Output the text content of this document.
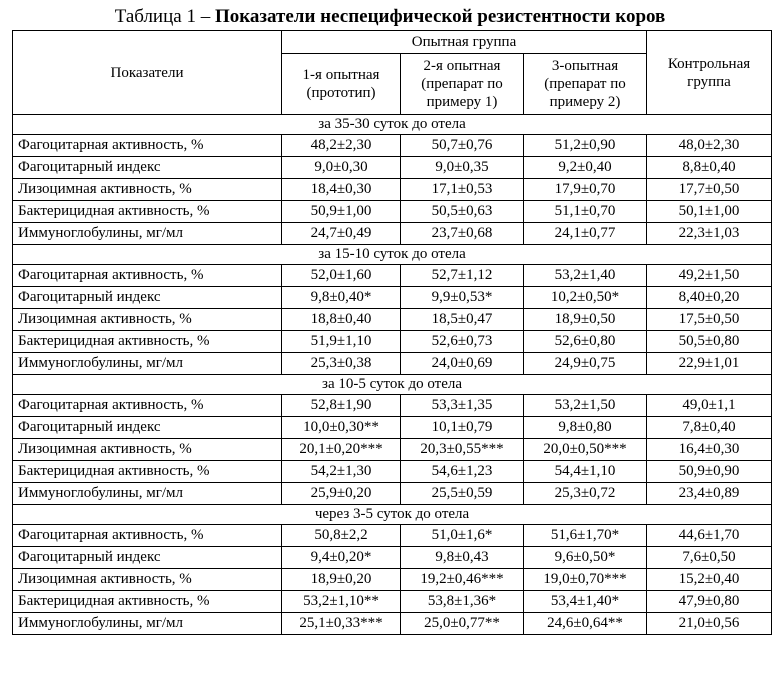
Таблица 1 – Показатели неспецифической резистентности коров
Показатели	Опытная группа			Контрольная группа
	1-я опытная (прототип)	2-я опытная (препарат по примеру 1)	3-опытная (препарат по примеру 2)	
за 35-30 суток до отела				
Фагоцитарная активность, %	48,2±2,30	50,7±0,76	51,2±0,90	48,0±2,30
Фагоцитарный индекс	9,0±0,30	9,0±0,35	9,2±0,40	8,8±0,40
Лизоцимная активность, %	18,4±0,30	17,1±0,53	17,9±0,70	17,7±0,50
Бактерицидная активность, %	50,9±1,00	50,5±0,63	51,1±0,70	50,1±1,00
Иммуноглобулины, мг/мл	24,7±0,49	23,7±0,68	24,1±0,77	22,3±1,03
за 15-10 суток до отела				
Фагоцитарная активность, %	52,0±1,60	52,7±1,12	53,2±1,40	49,2±1,50
Фагоцитарный индекс	9,8±0,40*	9,9±0,53*	10,2±0,50*	8,40±0,20
Лизоцимная активность, %	18,8±0,40	18,5±0,47	18,9±0,50	17,5±0,50
Бактерицидная активность, %	51,9±1,10	52,6±0,73	52,6±0,80	50,5±0,80
Иммуноглобулины, мг/мл	25,3±0,38	24,0±0,69	24,9±0,75	22,9±1,01
за 10-5 суток до отела				
Фагоцитарная активность, %	52,8±1,90	53,3±1,35	53,2±1,50	49,0±1,1
Фагоцитарный индекс	10,0±0,30**	10,1±0,79	9,8±0,80	7,8±0,40
Лизоцимная активность, %	20,1±0,20***	20,3±0,55***	20,0±0,50***	16,4±0,30
Бактерицидная активность, %	54,2±1,30	54,6±1,23	54,4±1,10	50,9±0,90
Иммуноглобулины, мг/мл	25,9±0,20	25,5±0,59	25,3±0,72	23,4±0,89
через 3-5 суток до отела				
Фагоцитарная активность, %	50,8±2,2	51,0±1,6*	51,6±1,70*	44,6±1,70
Фагоцитарный индекс	9,4±0,20*	9,8±0,43	9,6±0,50*	7,6±0,50
Лизоцимная активность, %	18,9±0,20	19,2±0,46***	19,0±0,70***	15,2±0,40
Бактерицидная активность, %	53,2±1,10**	53,8±1,36*	53,4±1,40*	47,9±0,80
Иммуноглобулины, мг/мл	25,1±0,33***	25,0±0,77**	24,6±0,64**	21,0±0,56
